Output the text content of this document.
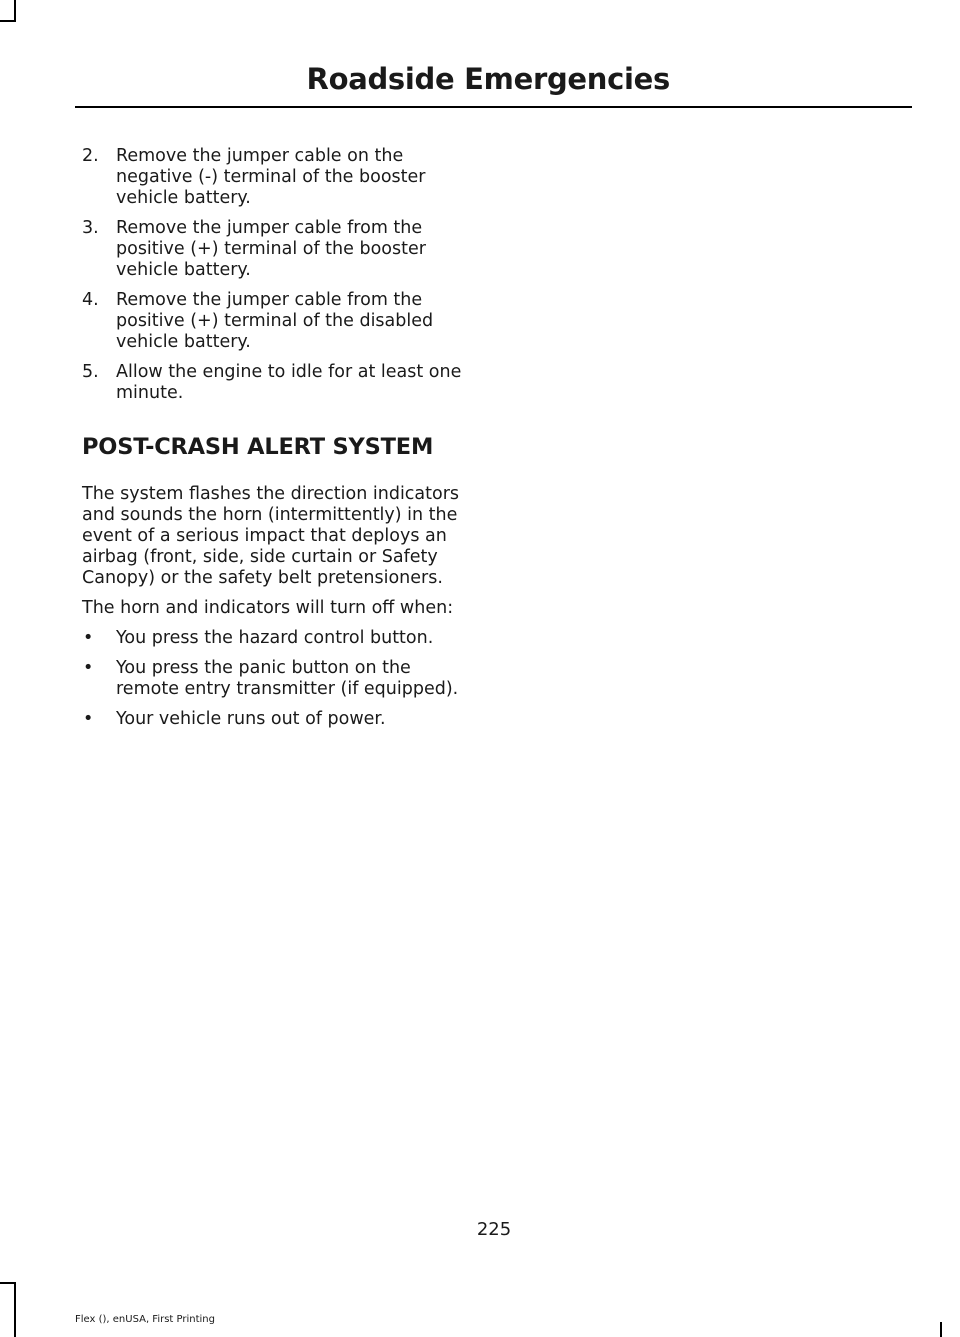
Roadside Emergencies
2. Remove the jumper cable on the negative (-) terminal of the booster vehicle battery.
3. Remove the jumper cable from the positive (+) terminal of the booster vehicle battery.
4. Remove the jumper cable from the positive (+) terminal of the disabled vehicle battery.
5. Allow the engine to idle for at least one minute.
POST-CRASH ALERT SYSTEM

The system flashes the direction indicators and sounds the horn (intermittently) in the event of a serious impact that deploys an airbag (front, side, side curtain or Safety Canopy) or the safety belt pretensioners.

The horn and indicators will turn off when:

• You press the hazard control button.
• You press the panic button on the remote entry transmitter (if equipped).
• Your vehicle runs out of power.
225
Flex (), enUSA, First Printing
